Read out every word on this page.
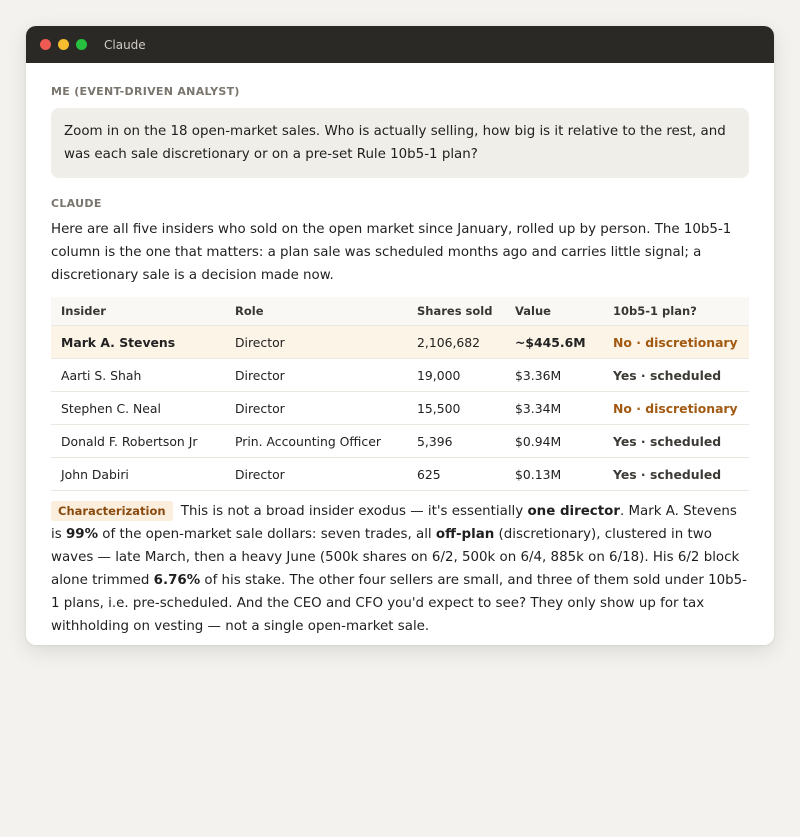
Claude
ME (EVENT-DRIVEN ANALYST)
Zoom in on the 18 open-market sales. Who is actually selling, how big is it relative to the rest, and was each sale discretionary or on a pre-set Rule 10b5-1 plan?
CLAUDE
Here are all five insiders who sold on the open market since January, rolled up by person. The 10b5-1 column is the one that matters: a plan sale was scheduled months ago and carries little signal; a discretionary sale is a decision made now.
Insider	Role	Shares sold	Value	10b5-1 plan?
Mark A. Stevens	Director	2,106,682	~$445.6M	No · discretionary
Aarti S. Shah	Director	19,000	$3.36M	Yes · scheduled
Stephen C. Neal	Director	15,500	$3.34M	No · discretionary
Donald F. Robertson Jr	Prin. Accounting Officer	5,396	$0.94M	Yes · scheduled
John Dabiri	Director	625	$0.13M	Yes · scheduled
Characterization This is not a broad insider exodus — it's essentially one director. Mark A. Stevens is 99% of the open-market sale dollars: seven trades, all off-plan (discretionary), clustered in two waves — late March, then a heavy June (500k shares on 6/2, 500k on 6/4, 885k on 6/18). His 6/2 block alone trimmed 6.76% of his stake. The other four sellers are small, and three of them sold under 10b5-1 plans, i.e. pre-scheduled. And the CEO and CFO you'd expect to see? They only show up for tax withholding on vesting — not a single open-market sale.
